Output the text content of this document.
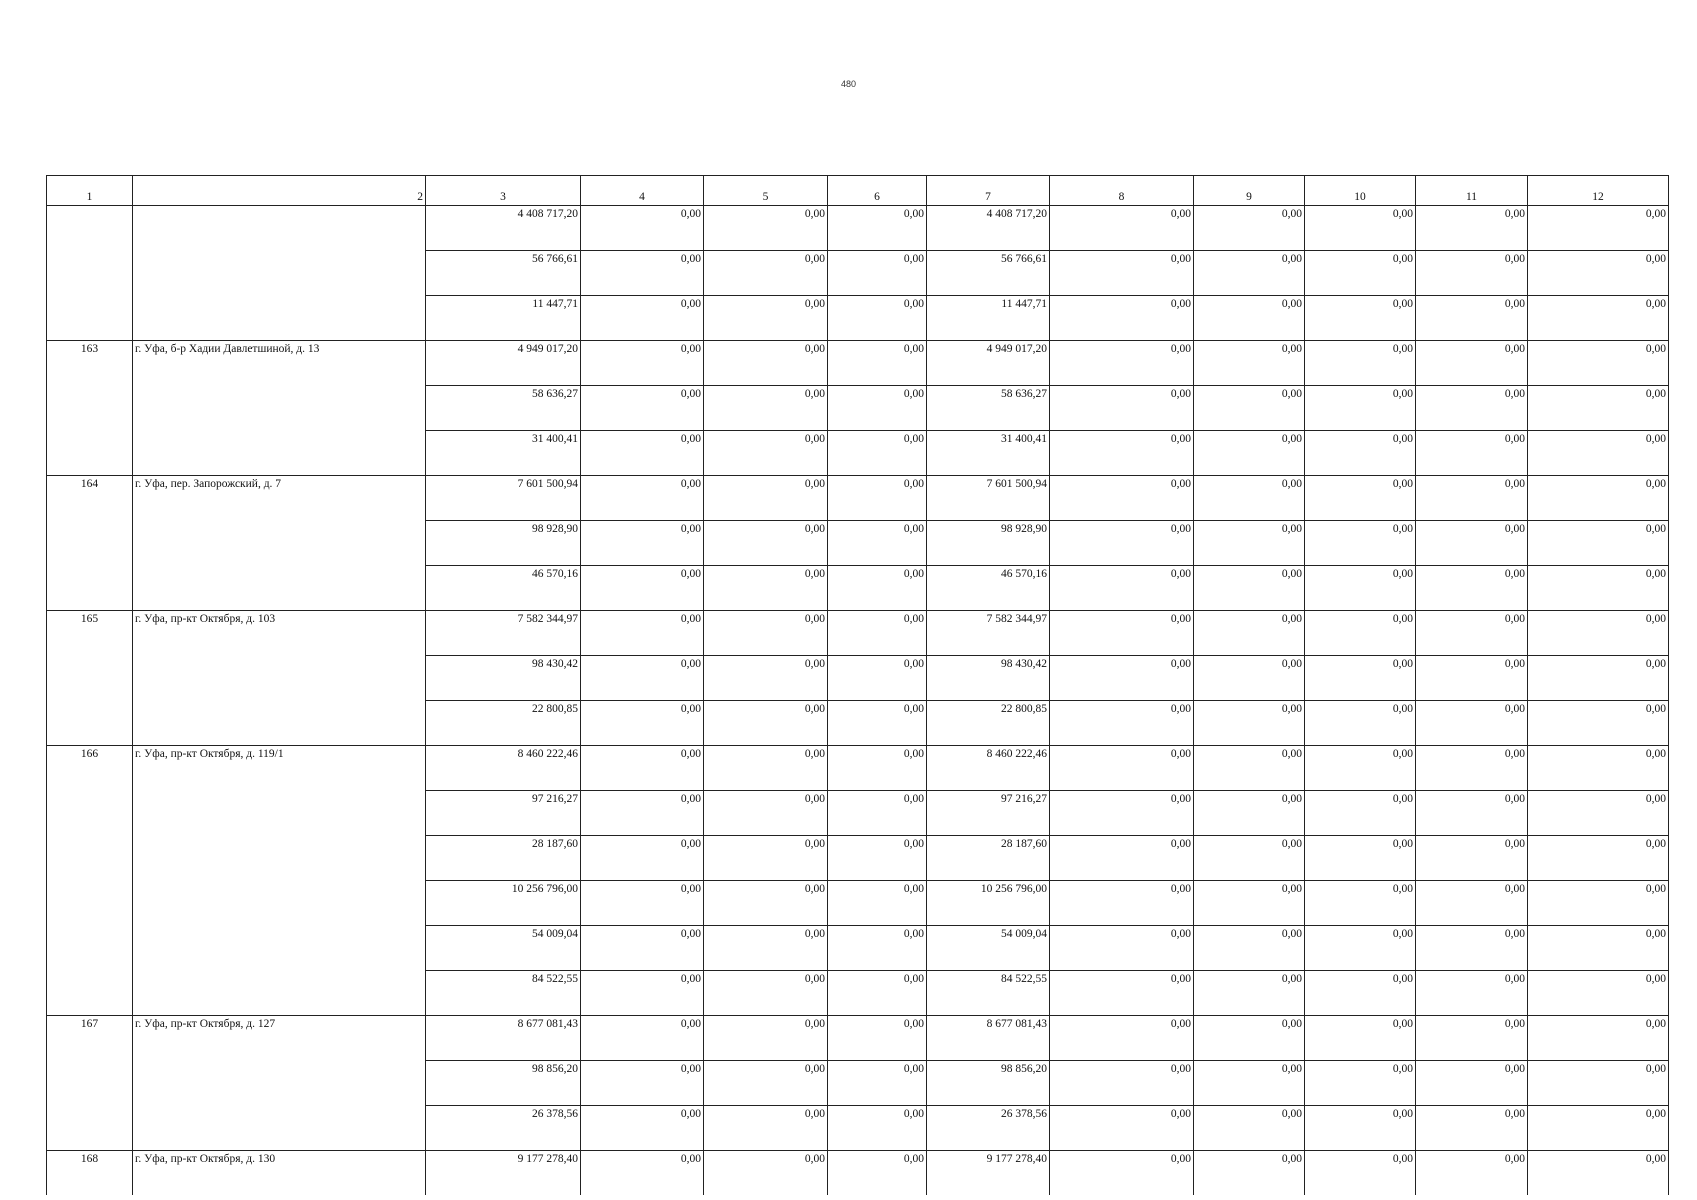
480
1	2	3	4	5	6	7	8	9	10	11	12
		4 408 717,20	0,00	0,00	0,00	4 408 717,20	0,00	0,00	0,00	0,00	0,00
		56 766,61	0,00	0,00	0,00	56 766,61	0,00	0,00	0,00	0,00	0,00
		11 447,71	0,00	0,00	0,00	11 447,71	0,00	0,00	0,00	0,00	0,00
163	г. Уфа, б-р Хадии Давлетшиной, д. 13	4 949 017,20	0,00	0,00	0,00	4 949 017,20	0,00	0,00	0,00	0,00	0,00
		58 636,27	0,00	0,00	0,00	58 636,27	0,00	0,00	0,00	0,00	0,00
		31 400,41	0,00	0,00	0,00	31 400,41	0,00	0,00	0,00	0,00	0,00
164	г. Уфа, пер. Запорожский, д. 7	7 601 500,94	0,00	0,00	0,00	7 601 500,94	0,00	0,00	0,00	0,00	0,00
		98 928,90	0,00	0,00	0,00	98 928,90	0,00	0,00	0,00	0,00	0,00
		46 570,16	0,00	0,00	0,00	46 570,16	0,00	0,00	0,00	0,00	0,00
165	г. Уфа, пр-кт Октября, д. 103	7 582 344,97	0,00	0,00	0,00	7 582 344,97	0,00	0,00	0,00	0,00	0,00
		98 430,42	0,00	0,00	0,00	98 430,42	0,00	0,00	0,00	0,00	0,00
		22 800,85	0,00	0,00	0,00	22 800,85	0,00	0,00	0,00	0,00	0,00
166	г. Уфа, пр-кт Октября, д. 119/1	8 460 222,46	0,00	0,00	0,00	8 460 222,46	0,00	0,00	0,00	0,00	0,00
		97 216,27	0,00	0,00	0,00	97 216,27	0,00	0,00	0,00	0,00	0,00
		28 187,60	0,00	0,00	0,00	28 187,60	0,00	0,00	0,00	0,00	0,00
		10 256 796,00	0,00	0,00	0,00	10 256 796,00	0,00	0,00	0,00	0,00	0,00
		54 009,04	0,00	0,00	0,00	54 009,04	0,00	0,00	0,00	0,00	0,00
		84 522,55	0,00	0,00	0,00	84 522,55	0,00	0,00	0,00	0,00	0,00
167	г. Уфа, пр-кт Октября, д. 127	8 677 081,43	0,00	0,00	0,00	8 677 081,43	0,00	0,00	0,00	0,00	0,00
		98 856,20	0,00	0,00	0,00	98 856,20	0,00	0,00	0,00	0,00	0,00
		26 378,56	0,00	0,00	0,00	26 378,56	0,00	0,00	0,00	0,00	0,00
168	г. Уфа, пр-кт Октября, д. 130	9 177 278,40	0,00	0,00	0,00	9 177 278,40	0,00	0,00	0,00	0,00	0,00
